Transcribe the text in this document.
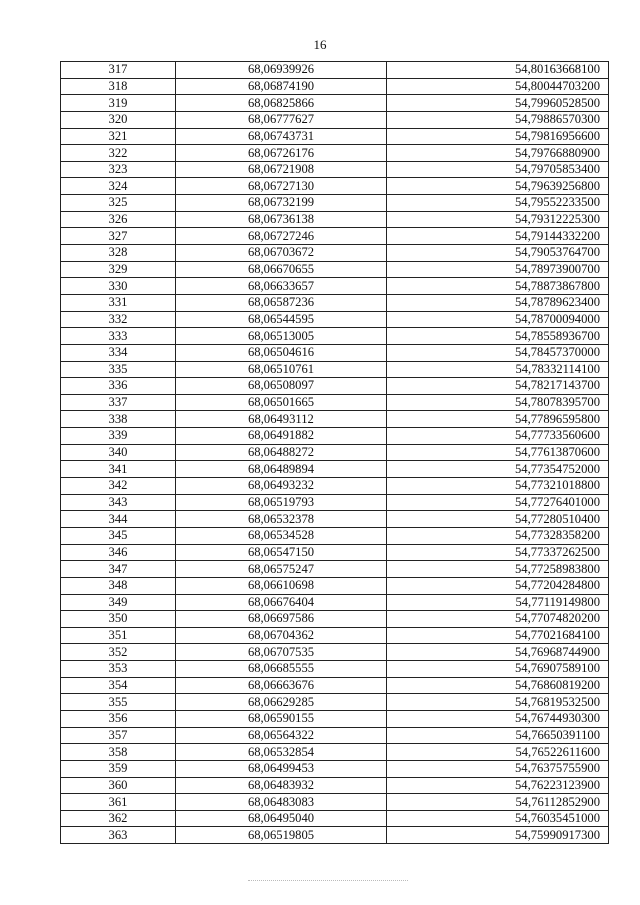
16
317	68,06939926	54,80163668100
318	68,06874190	54,80044703200
319	68,06825866	54,79960528500
320	68,06777627	54,79886570300
321	68,06743731	54,79816956600
322	68,06726176	54,79766880900
323	68,06721908	54,79705853400
324	68,06727130	54,79639256800
325	68,06732199	54,79552233500
326	68,06736138	54,79312225300
327	68,06727246	54,79144332200
328	68,06703672	54,79053764700
329	68,06670655	54,78973900700
330	68,06633657	54,78873867800
331	68,06587236	54,78789623400
332	68,06544595	54,78700094000
333	68,06513005	54,78558936700
334	68,06504616	54,78457370000
335	68,06510761	54,78332114100
336	68,06508097	54,78217143700
337	68,06501665	54,78078395700
338	68,06493112	54,77896595800
339	68,06491882	54,77733560600
340	68,06488272	54,77613870600
341	68,06489894	54,77354752000
342	68,06493232	54,77321018800
343	68,06519793	54,77276401000
344	68,06532378	54,77280510400
345	68,06534528	54,77328358200
346	68,06547150	54,77337262500
347	68,06575247	54,77258983800
348	68,06610698	54,77204284800
349	68,06676404	54,77119149800
350	68,06697586	54,77074820200
351	68,06704362	54,77021684100
352	68,06707535	54,76968744900
353	68,06685555	54,76907589100
354	68,06663676	54,76860819200
355	68,06629285	54,76819532500
356	68,06590155	54,76744930300
357	68,06564322	54,76650391100
358	68,06532854	54,76522611600
359	68,06499453	54,76375755900
360	68,06483932	54,76223123900
361	68,06483083	54,76112852900
362	68,06495040	54,76035451000
363	68,06519805	54,75990917300
